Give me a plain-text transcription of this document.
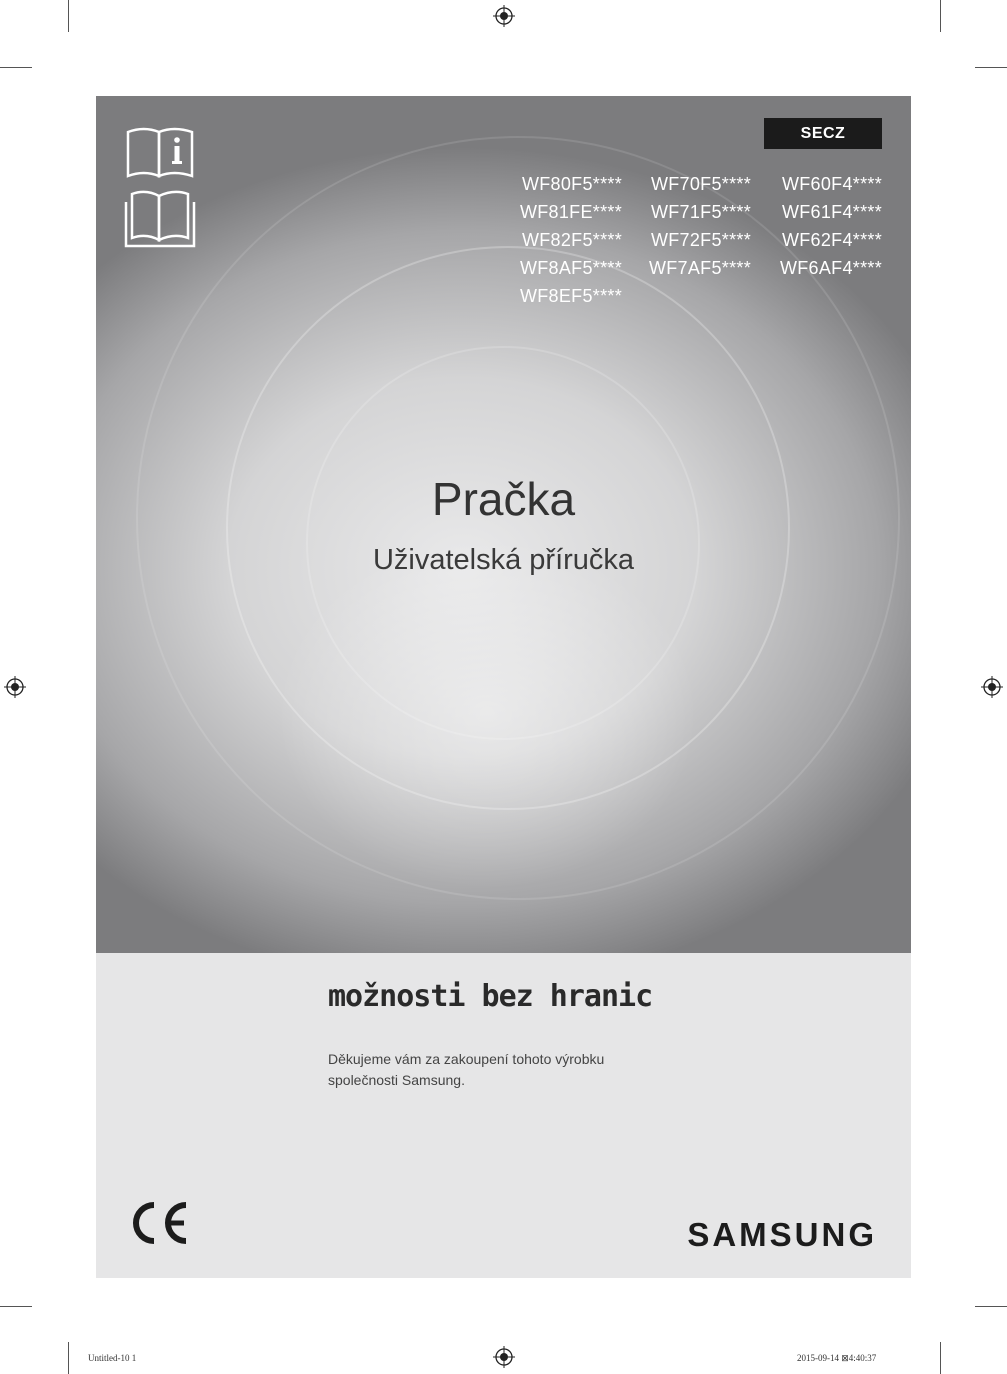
SECZ
WF80F5****
WF81FE****
WF82F5****
WF8AF5****
WF8EF5****
WF70F5****
WF71F5****
WF72F5****
WF7AF5****
WF60F4****
WF61F4****
WF62F4****
WF6AF4****
Pračka
Uživatelská příručka
možnosti bez hranic
Děkujeme vám za zakoupení tohoto výrobku společnosti Samsung.
SAMSUNG
Untitled-10 1	2015-09-14 ⊠4:40:37
